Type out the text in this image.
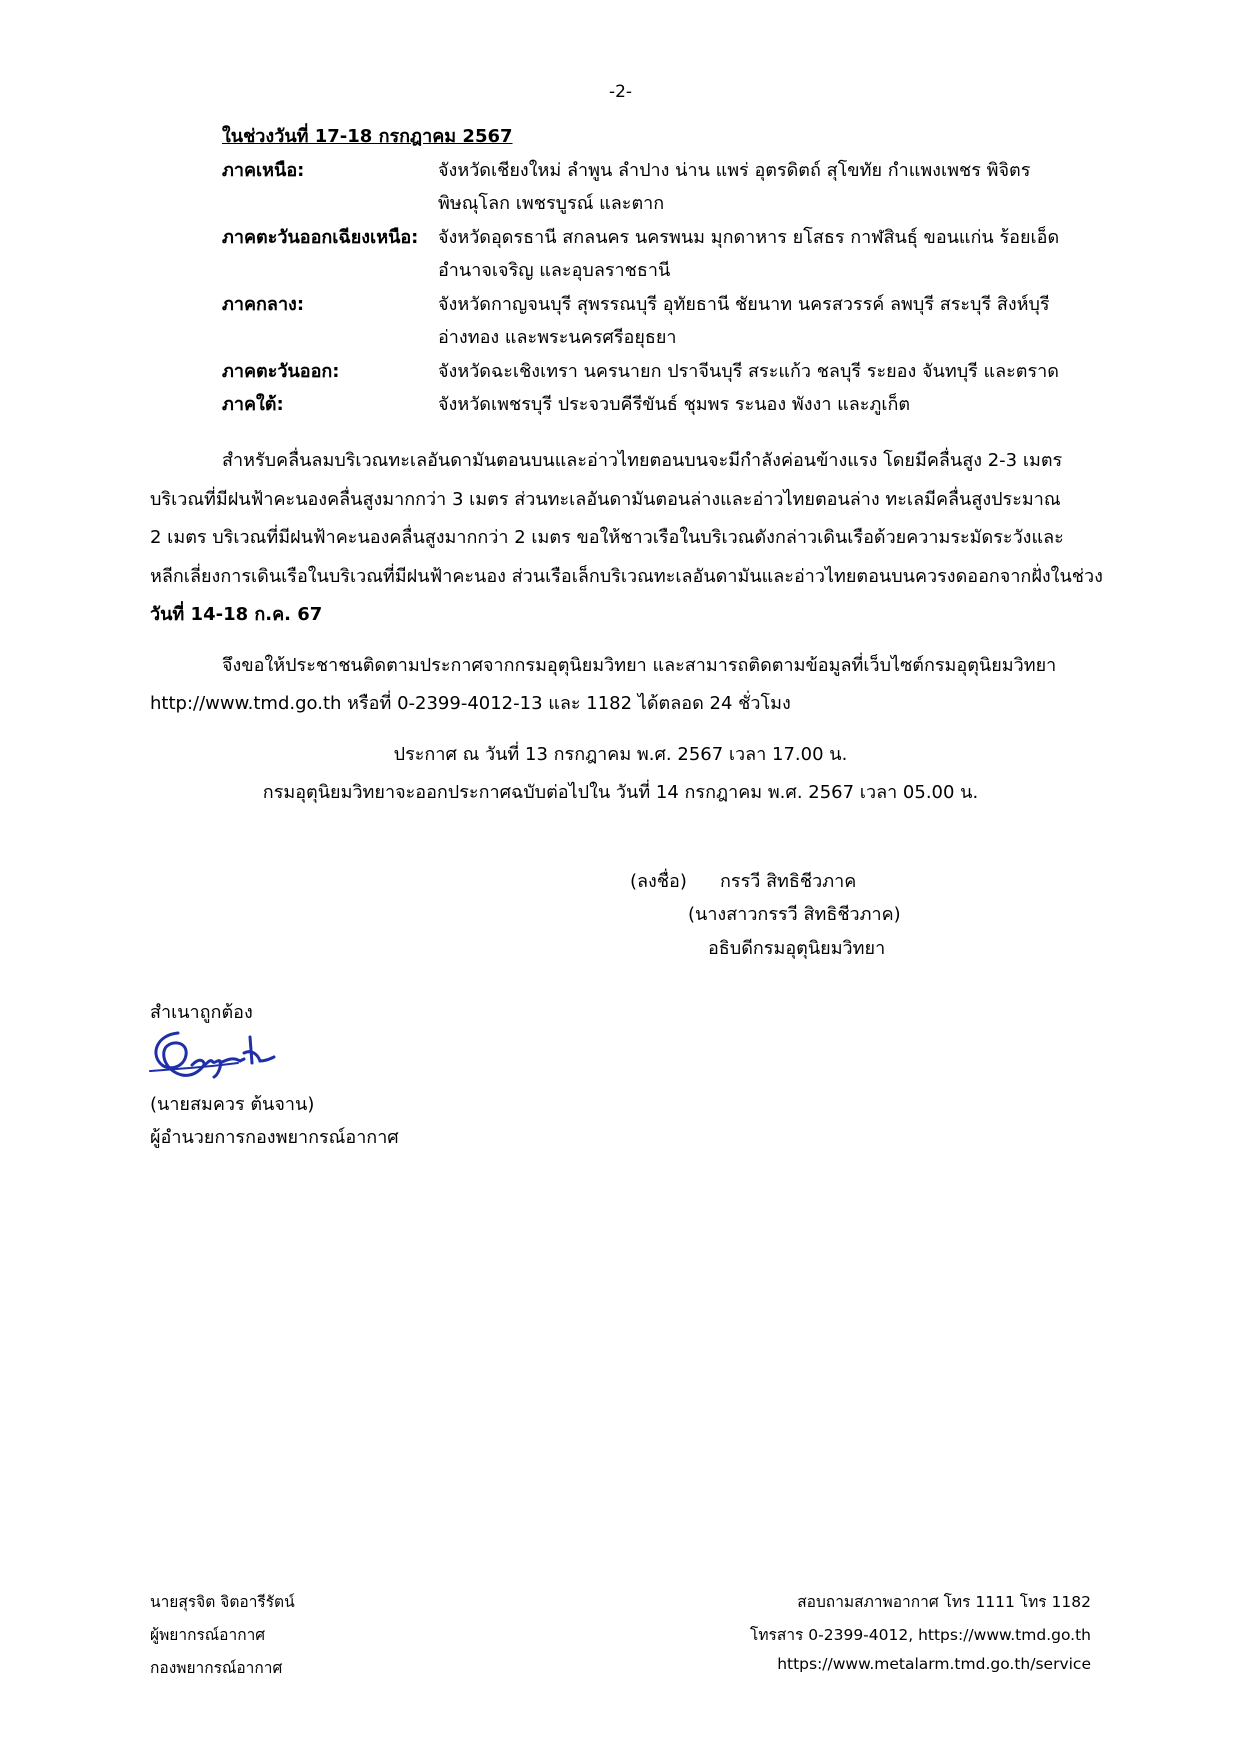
-2-
ในช่วงวันที่ 17-18 กรกฎาคม 2567
ภาคเหนือ:	จังหวัดเชียงใหม่ ลำพูน ลำปาง น่าน แพร่ อุตรดิตถ์ สุโขทัย กำแพงเพชร พิจิตร
พิษณุโลก เพชรบูรณ์ และตาก
ภาคตะวันออกเฉียงเหนือ: จังหวัดอุดรธานี สกลนคร นครพนม มุกดาหาร ยโสธร กาฬสินธุ์ ขอนแก่น ร้อยเอ็ด
อำนาจเจริญ และอุบลราชธานี
ภาคกลาง:	จังหวัดกาญจนบุรี สุพรรณบุรี อุทัยธานี ชัยนาท นครสวรรค์ ลพบุรี สระบุรี สิงห์บุรี
อ่างทอง และพระนครศรีอยุธยา
ภาคตะวันออก:	จังหวัดฉะเชิงเทรา นครนายก ปราจีนบุรี สระแก้ว ชลบุรี ระยอง จันทบุรี และตราด
ภาคใต้:	จังหวัดเพชรบุรี ประจวบคีรีขันธ์ ชุมพร ระนอง พังงา และภูเก็ต
สำหรับคลื่นลมบริเวณทะเลอันดามันตอนบนและอ่าวไทยตอนบนจะมีกำลังค่อนข้างแรง โดยมีคลื่นสูง 2-3 เมตร
บริเวณที่มีฝนฟ้าคะนองคลื่นสูงมากกว่า 3 เมตร ส่วนทะเลอันดามันตอนล่างและอ่าวไทยตอนล่าง ทะเลมีคลื่นสูงประมาณ
2 เมตร บริเวณที่มีฝนฟ้าคะนองคลื่นสูงมากกว่า 2 เมตร ขอให้ชาวเรือในบริเวณดังกล่าวเดินเรือด้วยความระมัดระวังและ
หลีกเลี่ยงการเดินเรือในบริเวณที่มีฝนฟ้าคะนอง ส่วนเรือเล็กบริเวณทะเลอันดามันและอ่าวไทยตอนบนควรงดออกจากฝั่งในช่วง
วันที่ 14-18 ก.ค. 67
จึงขอให้ประชาชนติดตามประกาศจากกรมอุตุนิยมวิทยา และสามารถติดตามข้อมูลที่เว็บไซต์กรมอุตุนิยมวิทยา
http://www.tmd.go.th หรือที่ 0-2399-4012-13 และ 1182 ได้ตลอด 24 ชั่วโมง
ประกาศ ณ วันที่ 13 กรกฎาคม พ.ศ. 2567 เวลา 17.00 น.
กรมอุตุนิยมวิทยาจะออกประกาศฉบับต่อไปใน วันที่ 14 กรกฎาคม พ.ศ. 2567 เวลา 05.00 น.
(ลงชื่อ) กรรวี สิทธิชีวภาค
(นางสาวกรรวี สิทธิชีวภาค)
อธิบดีกรมอุตุนิยมวิทยา
สำเนาถูกต้อง
(นายสมควร ต้นจาน)
ผู้อำนวยการกองพยากรณ์อากาศ
นายสุรจิต จิตอารีรัตน์
ผู้พยากรณ์อากาศ
กองพยากรณ์อากาศ
สอบถามสภาพอากาศ โทร 1111 โทร 1182
โทรสาร 0-2399-4012, https://www.tmd.go.th
https://www.metalarm.tmd.go.th/service
